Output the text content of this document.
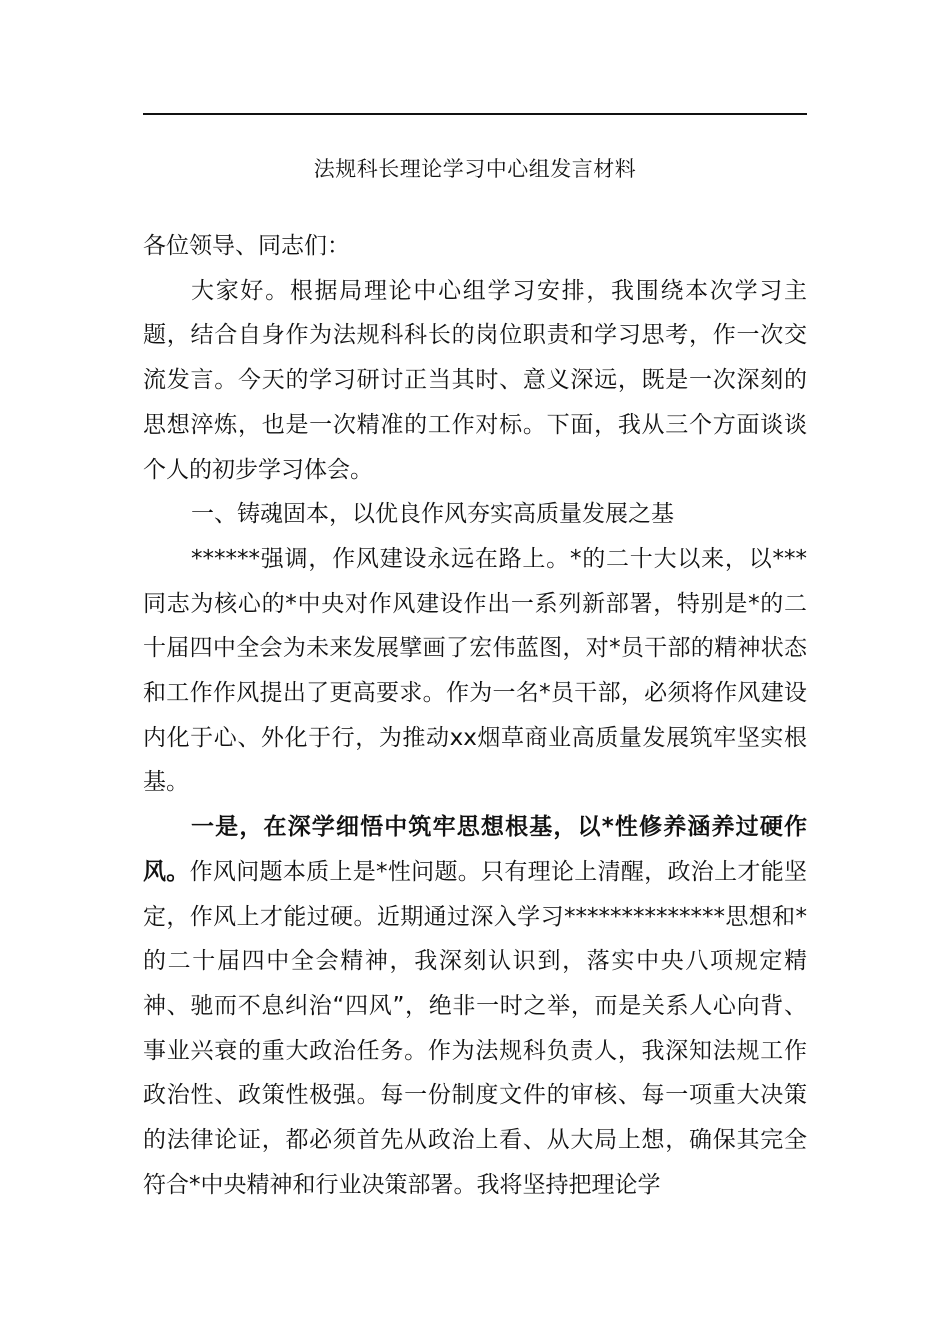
法规科长理论学习中心组发言材料

各位领导、同志们：

大家好。根据局理论中心组学习安排，我围绕本次学习主题，结合自身作为法规科科长的岗位职责和学习思考，作一次交流发言。今天的学习研讨正当其时、意义深远，既是一次深刻的思想淬炼，也是一次精准的工作对标。下面，我从三个方面谈谈个人的初步学习体会。

一、铸魂固本，以优良作风夯实高质量发展之基

******强调，作风建设永远在路上。*的二十大以来，以***同志为核心的*中央对作风建设作出一系列新部署，特别是*的二十届四中全会为未来发展擘画了宏伟蓝图，对*员干部的精神状态和工作作风提出了更高要求。作为一名*员干部，必须将作风建设内化于心、外化于行，为推动xx烟草商业高质量发展筑牢坚实根基。

一是，在深学细悟中筑牢思想根基，以*性修养涵养过硬作风。作风问题本质上是*性问题。只有理论上清醒，政治上才能坚定，作风上才能过硬。近期通过深入学习**************思想和*的二十届四中全会精神，我深刻认识到，落实中央八项规定精神、驰而不息纠治“四风”，绝非一时之举，而是关系人心向背、事业兴衰的重大政治任务。作为法规科负责人，我深知法规工作政治性、政策性极强。每一份制度文件的审核、每一项重大决策的法律论证，都必须首先从政治上看、从大局上想，确保其完全符合*中央精神和行业决策部署。我将坚持把理论学
